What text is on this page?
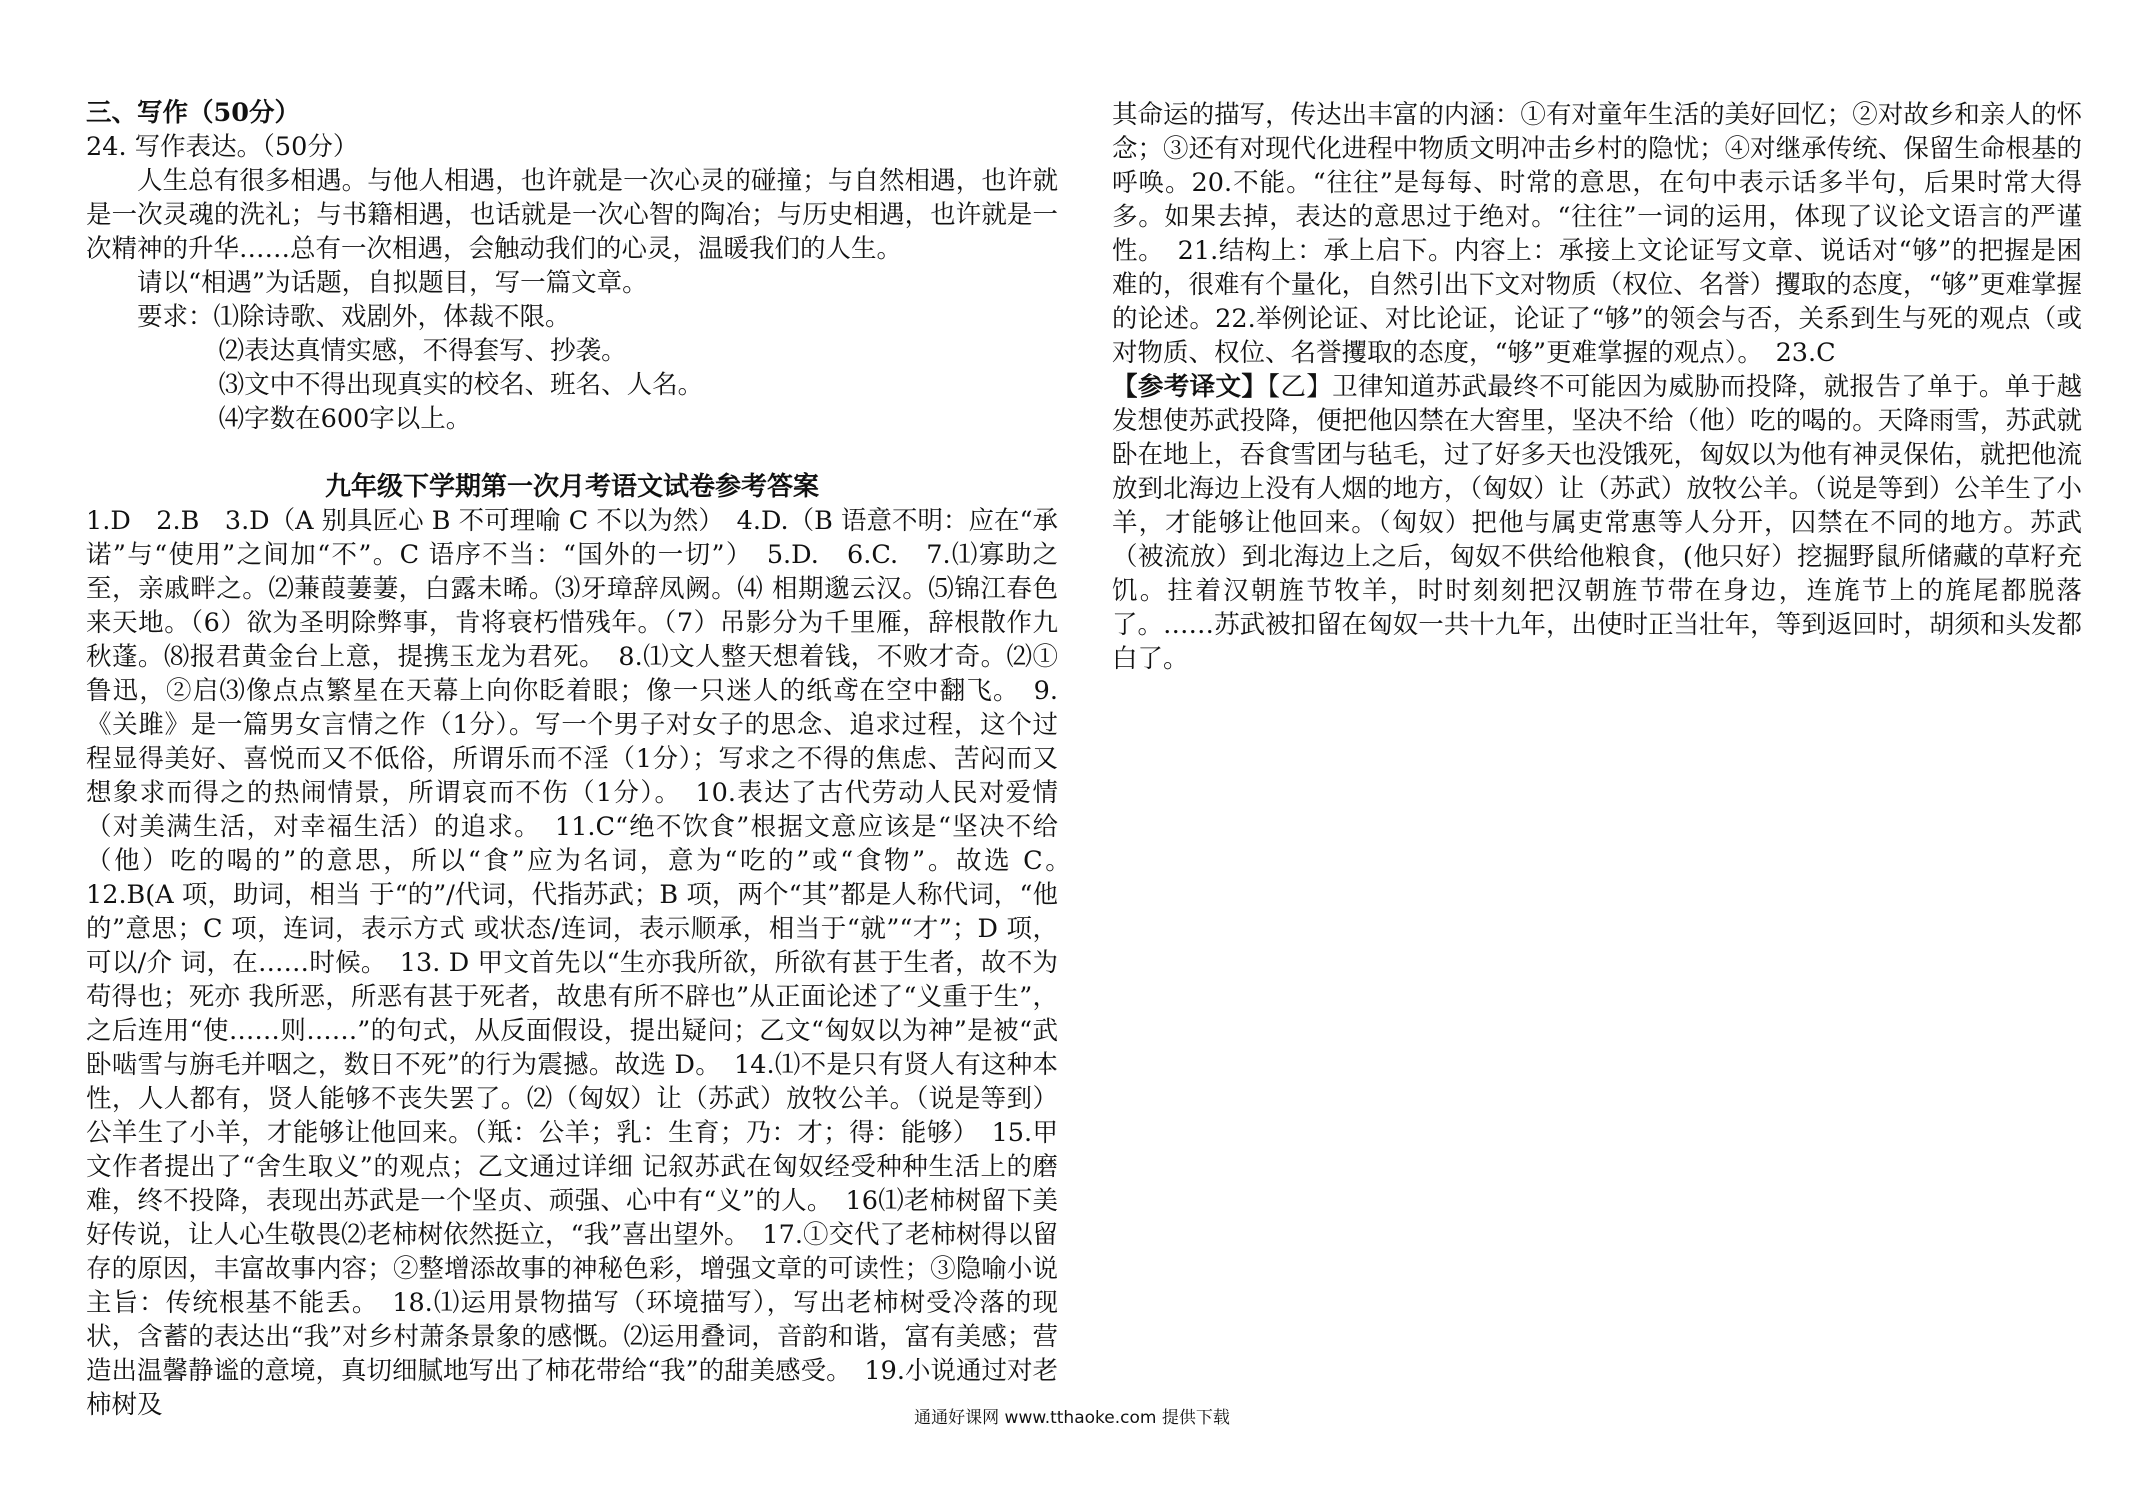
三、写作（50分）
24. 写作表达。（50分）
人生总有很多相遇。与他人相遇，也许就是一次心灵的碰撞；与自然相遇，也许就是一次灵魂的洗礼；与书籍相遇，也话就是一次心智的陶冶；与历史相遇，也许就是一次精神的升华……总有一次相遇，会触动我们的心灵，温暖我们的人生。
请以“相遇”为话题，自拟题目，写一篇文章。
要求：⑴除诗歌、戏剧外，体裁不限。
⑵表达真情实感，不得套写、抄袭。
⑶文中不得出现真实的校名、班名、人名。
⑷字数在600字以上。
九年级下学期第一次月考语文试卷参考答案
1.D　2.B　3.D（A 别具匠心 B 不可理喻 C 不以为然）　4.D.（B 语意不明：应在“承诺”与“使用”之间加“不”。C 语序不当：“国外的一切”）　5.D.　6.C.　7.⑴寡助之至，亲戚畔之。⑵蒹葭萋萋，白露未晞。⑶牙璋辞凤阙。⑷ 相期邈云汉。⑸锦江春色来天地。（6）欲为圣明除弊事，肯将衰朽惜残年。（7）吊影分为千里雁，辞根散作九秋蓬。⑻报君黄金台上意，提携玉龙为君死。　8.⑴文人整天想着钱，不败才奇。⑵①鲁迅，②启⑶像点点繁星在天幕上向你眨着眼；像一只迷人的纸鸢在空中翻飞。　9.《关雎》是一篇男女言情之作（1分）。写一个男子对女子的思念、追求过程，这个过程显得美好、喜悦而又不低俗，所谓乐而不淫（1分）；写求之不得的焦虑、苦闷而又想象求而得之的热闹情景，所谓哀而不伤（1分）。　10.表达了古代劳动人民对爱情（对美满生活，对幸福生活）的追求。　11.C“绝不饮食”根据文意应该是“坚决不给（他）吃的喝的”的意思，所以“食”应为名词，意为“吃的”或“食物”。故选 C。　12.B(A 项，助词，相当 于“的”/代词，代指苏武；B 项，两个“其”都是人称代词，“他的”意思；C 项，连词，表示方式 或状态/连词，表示顺承，相当于“就”“才”；D 项，可以/介 词，在……时候。　13. D 甲文首先以“生亦我所欲，所欲有甚于生者，故不为苟得也；死亦 我所恶，所恶有甚于死者，故患有所不辟也”从正面论述了“义重于生”，之后连用“使……则……”的句式，从反面假设，提出疑问；乙文“匈奴以为神”是被“武卧啮雪与旃毛并咽之，数日不死”的行为震撼。故选 D。　14.⑴不是只有贤人有这种本性，人人都有，贤人能够不丧失罢了。⑵（匈奴）让（苏武）放牧公羊。（说是等到）公羊生了小羊，才能够让他回来。（羝：公羊；乳：生育；乃：才；得：能够）　15.甲文作者提出了“舍生取义”的观点；乙文通过详细 记叙苏武在匈奴经受种种生活上的磨难，终不投降，表现出苏武是一个坚贞、顽强、心中有“义”的人。　16⑴老柿树留下美好传说，让人心生敬畏⑵老柿树依然挺立，“我”喜出望外。　17.①交代了老柿树得以留存的原因，丰富故事内容；②整增添故事的神秘色彩，增强文章的可读性；③隐喻小说主旨：传统根基不能丢。　18.⑴运用景物描写（环境描写），写出老柿树受冷落的现状，含蓄的表达出“我”对乡村萧条景象的感慨。⑵运用叠词，音韵和谐，富有美感；营造出温馨静谧的意境，真切细腻地写出了柿花带给“我”的甜美感受。　19.小说通过对老柿树及
其命运的描写，传达出丰富的内涵：①有对童年生活的美好回忆；②对故乡和亲人的怀念；③还有对现代化进程中物质文明冲击乡村的隐忧；④对继承传统、保留生命根基的呼唤。20.不能。“往往”是每每、时常的意思，在句中表示话多半句，后果时常大得多。如果去掉，表达的意思过于绝对。“往往”一词的运用，体现了议论文语言的严谨性。　21.结构上：承上启下。内容上：承接上文论证写文章、说话对“够”的把握是困难的，很难有个量化，自然引出下文对物质（权位、名誉）攫取的态度，“够”更难掌握的论述。22.举例论证、对比论证，论证了“够”的领会与否，关系到生与死的观点（或对物质、权位、名誉攫取的态度，“够”更难掌握的观点）。　23.C
【参考译文】【乙】卫律知道苏武最终不可能因为威胁而投降，就报告了单于。单于越发想使苏武投降，便把他囚禁在大窖里，坚决不给（他）吃的喝的。天降雨雪，苏武就卧在地上，吞食雪团与毡毛，过了好多天也没饿死，匈奴以为他有神灵保佑，就把他流放到北海边上没有人烟的地方，（匈奴）让（苏武）放牧公羊。（说是等到）公羊生了小羊，才能够让他回来。（匈奴）把他与属吏常惠等人分开，囚禁在不同的地方。苏武（被流放）到北海边上之后，匈奴不供给他粮食，(他只好）挖掘野鼠所储藏的草籽充饥。拄着汉朝旌节牧羊，时时刻刻把汉朝旌节带在身边，连旄节上的旄尾都脱落了。……苏武被扣留在匈奴一共十九年，出使时正当壮年，等到返回时，胡须和头发都白了。
通通好课网 www.tthaoke.com 提供下载
